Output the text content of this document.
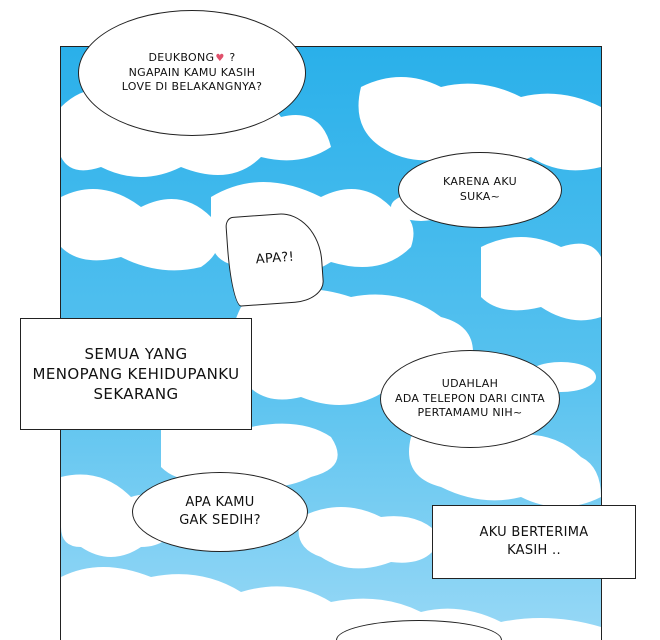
DEUKBONG♥ ?
NGAPAIN KAMU KASIH
LOVE DI BELAKANGNYA?
KARENA AKU
SUKA~
APA?!
SEMUA YANG
MENOPANG KEHIDUPANKU
SEKARANG
UDAHLAH
ADA TELEPON DARI CINTA
PERTAMAMU NIH~
APA KAMU
GAK SEDIH?
AKU BERTERIMA
KASIH ..
